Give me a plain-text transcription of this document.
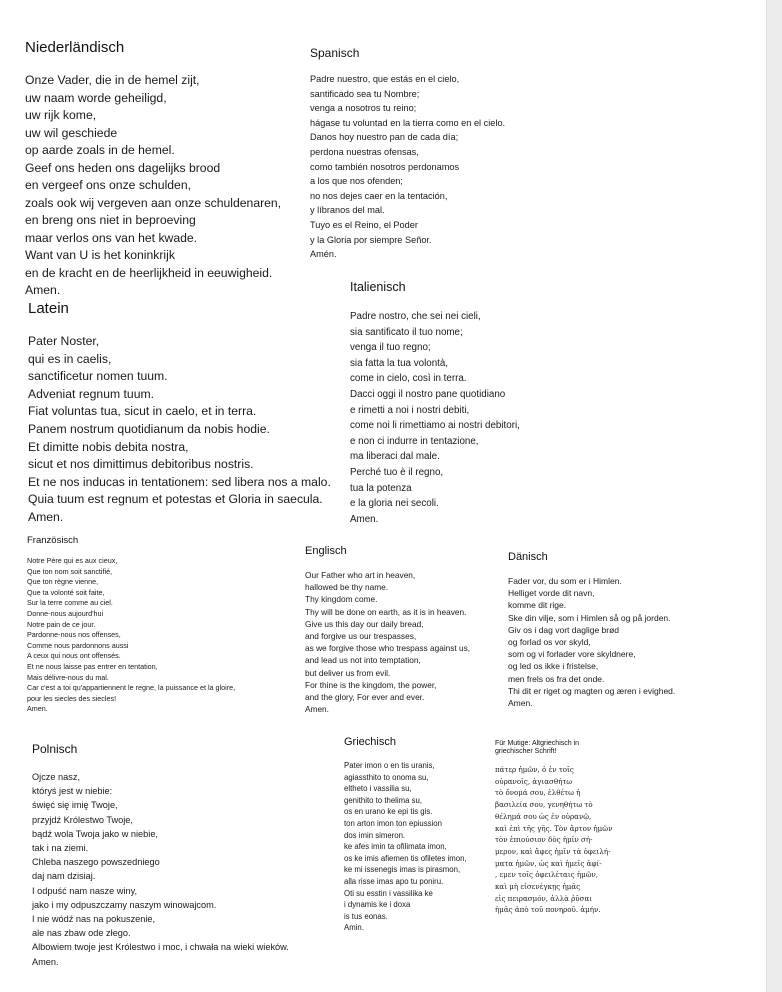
Niederländisch
Onze Vader, die in de hemel zijt,
uw naam worde geheiligd,
uw rijk kome,
uw wil geschiede
op aarde zoals in de hemel.
Geef ons heden ons dagelijks brood
en vergeef ons onze schulden,
zoals ook wij vergeven aan onze schuldenaren,
en breng ons niet in beproeving
maar verlos ons van het kwade.
Want van U is het koninkrijk
en de kracht en de heerlijkheid in eeuwigheid.
Amen.
Spanisch
Padre nuestro, que estás en el cielo,
santificado sea tu Nombre;
venga a nosotros tu reino;
hágase tu voluntad en la tierra como en el cielo.
Danos hoy nuestro pan de cada día;
perdona nuestras ofensas,
como también nosotros perdonamos
a los que nos ofenden;
no nos dejes caer en la tentación,
y líbranos del mal.
Tuyo es el Reino, el Poder
y la Gloria por siempre Señor.
Amén.
Latein
Pater Noster,
qui es in caelis,
sanctificetur nomen tuum.
Adveniat regnum tuum.
Fiat voluntas tua, sicut in caelo, et in terra.
Panem nostrum quotidianum da nobis hodie.
Et dimitte nobis debita nostra,
sicut et nos dimittimus debitoribus nostris.
Et ne nos inducas in tentationem: sed libera nos a malo.
Quia tuum est regnum et potestas et Gloria in saecula.
Amen.
Italienisch
Padre nostro, che sei nei cieli,
sia santificato il tuo nome;
venga il tuo regno;
sia fatta la tua volontà,
come in cielo, così in terra.
Dacci oggi il nostro pane quotidiano
e rimetti a noi i nostri debiti,
come noi li rimettiamo ai nostri debitori,
e non ci indurre in tentazione,
ma liberaci dal male.
Perché tuo è il regno,
tua la potenza
e la gloria nei secoli.
Amen.
Französisch
Notre Père qui es aux cieux,
Que ton nom soit sanctifié,
Que ton règne vienne,
Que ta volonté soit faite,
Sur la terre comme au ciel.
Donne-nous aujourd'hui
Notre pain de ce jour.
Pardonne-nous nos offenses,
Comme nous pardonnons aussi
A ceux qui nous ont offensés.
Et ne nous laisse pas entrer en tentation,
Mais délivre-nous du mal.
Car c'est a toi qu'appartiennent le regne, la puissance et la gloire,
pour les siecles des siecles!
Amen.
Englisch
Our Father who art in heaven,
hallowed be thy name.
Thy kingdom come.
Thy will be done on earth, as it is in heaven.
Give us this day our daily bread,
and forgive us our trespasses,
as we forgive those who trespass against us,
and lead us not into temptation,
but deliver us from evil.
For thine is the kingdom, the power,
and the glory, For ever and ever.
Amen.
Dänisch
Fader vor, du som er i Himlen.
Helliget vorde dit navn,
komme dit rige.
Ske din vilje, som i Himlen så og på jorden.
Giv os i dag vort daglige brød
og forlad os vor skyld,
som og vi forlader vore skyldnere,
og led os ikke i fristelse,
men frels os fra det onde.
Thi dit er riget og magten og æren i evighed.
Amen.
Polnisch
Ojcze nasz,
któryś jest w niebie:
święć się imię Twoje,
przyjdź Królestwo Twoje,
bądź wola Twoja jako w niebie,
tak i na ziemi.
Chleba naszego powszedniego
daj nam dzisiaj.
I odpuść nam nasze winy,
jako i my odpuszczamy naszym winowajcom.
I nie wódź nas na pokuszenie,
ale nas zbaw ode złego.
Albowiem twoje jest Królestwo i moc, i chwała na wieki wieków.
Amen.
Griechisch
Pater imon o en tis uranis,
agiassthito to onoma su,
eltheto i vassilia su,
genithito to thelima su,
os en urano ke epi tis gis.
ton arton imon ton epiussion
dos imin simeron.
ke afes imin ta ofilimata imon,
os ke imis afiemen tis ofiletes imon,
ke mi issenegis imas is pirasmon,
alla risse imas apo tu poniru.
Oti su esstin i vassilika ke
i dynamis ke i doxa
is tus eonas.
Amin.
Für Mutige: Altgriechisch in griechischer Schrift!
πάτερ ἡμῶν, ὁ ἐν τοῖς
οὐρανοῖς, ἁγιασθήτω
τὸ ὄνομά σου, ἐλθέτω ἡ
βασιλεία σου, γενηθήτω τὸ
θέλημά σου ὡς ἐν οὐρανῷ,
καὶ ἐπὶ τῆς γῆς. Τὸν ἄρτον ἡμῶν
τὸν ἐπιούσιον δὸς ἡμῖν σή-
μερον, καὶ ἄφες ἡμῖν τὰ ὀφειλή-
ματα ἡμῶν, ὡς καὶ ἡμεῖς ἀφί-
, εμεν τοῖς ὀφειλέταις ἡμῶν,
καὶ μὴ εἰσενέγκῃς ἡμᾶς
εἰς πειρασμόν, ἀλλὰ ῥῦσαι
ἡμᾶς ἀπὸ τοῦ πονηροῦ. ἀμήν.
